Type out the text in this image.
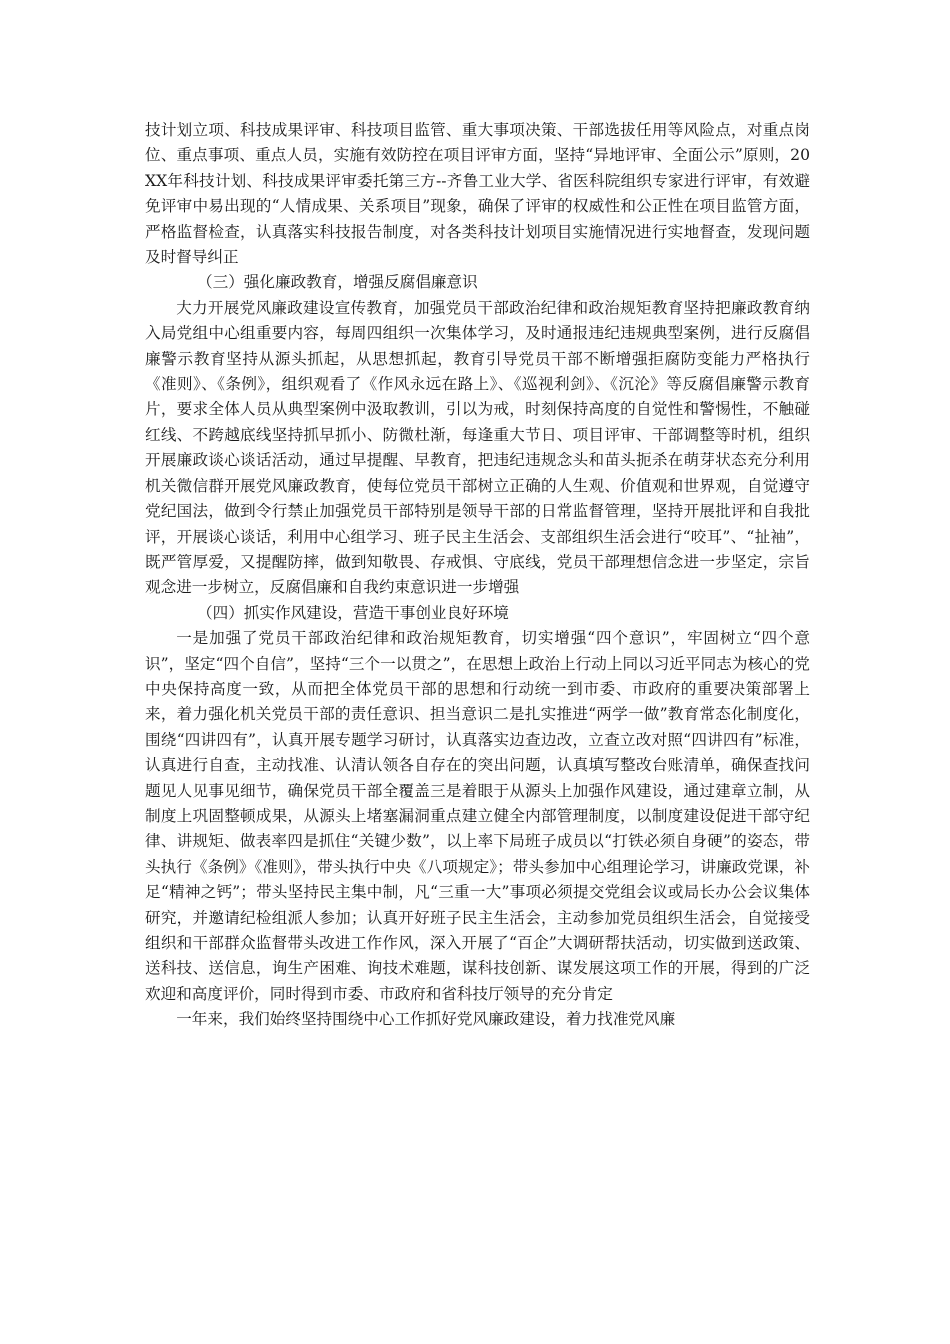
技计划立项、科技成果评审、科技项目监管、重大事项决策、干部选拔任用等风险点，对重点岗位、重点事项、重点人员，实施有效防控在项目评审方面，坚持“异地评审、全面公示”原则，20XX年科技计划、科技成果评审委托第三方--齐鲁工业大学、省医科院组织专家进行评审，有效避免评审中易出现的“人情成果、关系项目”现象，确保了评审的权威性和公正性在项目监管方面，严格监督检查，认真落实科技报告制度，对各类科技计划项目实施情况进行实地督查，发现问题及时督导纠正

（三）强化廉政教育，增强反腐倡廉意识

大力开展党风廉政建设宣传教育，加强党员干部政治纪律和政治规矩教育坚持把廉政教育纳入局党组中心组重要内容，每周四组织一次集体学习，及时通报违纪违规典型案例，进行反腐倡廉警示教育坚持从源头抓起，从思想抓起，教育引导党员干部不断增强拒腐防变能力严格执行《准则》、《条例》，组织观看了《作风永远在路上》、《巡视利剑》、《沉沦》等反腐倡廉警示教育片，要求全体人员从典型案例中汲取教训，引以为戒，时刻保持高度的自觉性和警惕性，不触碰红线、不跨越底线坚持抓早抓小、防微杜渐，每逢重大节日、项目评审、干部调整等时机，组织开展廉政谈心谈话活动，通过早提醒、早教育，把违纪违规念头和苗头扼杀在萌芽状态充分利用机关微信群开展党风廉政教育，使每位党员干部树立正确的人生观、价值观和世界观，自觉遵守党纪国法，做到令行禁止加强党员干部特别是领导干部的日常监督管理，坚持开展批评和自我批评，开展谈心谈话，利用中心组学习、班子民主生活会、支部组织生活会进行“咬耳”、“扯袖”，既严管厚爱，又提醒防摔，做到知敬畏、存戒惧、守底线，党员干部理想信念进一步坚定，宗旨观念进一步树立，反腐倡廉和自我约束意识进一步增强

（四）抓实作风建设，营造干事创业良好环境

一是加强了党员干部政治纪律和政治规矩教育，切实增强“四个意识”，牢固树立“四个意识”，坚定“四个自信”，坚持“三个一以贯之”，在思想上政治上行动上同以习近平同志为核心的党中央保持高度一致，从而把全体党员干部的思想和行动统一到市委、市政府的重要决策部署上来，着力强化机关党员干部的责任意识、担当意识二是扎实推进“两学一做”教育常态化制度化，围绕“四讲四有”，认真开展专题学习研讨，认真落实边查边改，立查立改对照“四讲四有”标准，认真进行自查，主动找准、认清认领各自存在的突出问题，认真填写整改台账清单，确保查找问题见人见事见细节，确保党员干部全覆盖三是着眼于从源头上加强作风建设，通过建章立制，从制度上巩固整顿成果，从源头上堵塞漏洞重点建立健全内部管理制度，以制度建设促进干部守纪律、讲规矩、做表率四是抓住“关键少数”，以上率下局班子成员以“打铁必须自身硬”的姿态，带头执行《条例》《准则》，带头执行中央《八项规定》；带头参加中心组理论学习，讲廉政党课，补足“精神之钙”；带头坚持民主集中制，凡“三重一大”事项必须提交党组会议或局长办公会议集体研究，并邀请纪检组派人参加；认真开好班子民主生活会，主动参加党员组织生活会，自觉接受组织和干部群众监督带头改进工作作风，深入开展了“百企”大调研帮扶活动，切实做到送政策、送科技、送信息，询生产困难、询技术难题，谋科技创新、谋发展这项工作的开展，得到的广泛欢迎和高度评价，同时得到市委、市政府和省科技厅领导的充分肯定

一年来，我们始终坚持围绕中心工作抓好党风廉政建设，着力找准党风廉
